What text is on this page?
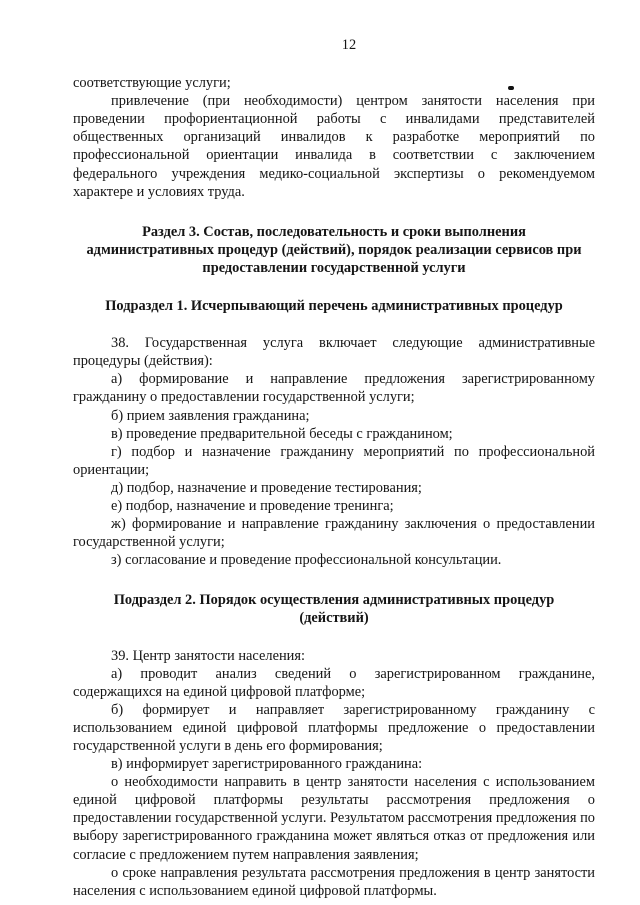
12

соответствующие услуги;

привлечение (при необходимости) центром занятости населения при проведении профориентационной работы с инвалидами представителей общественных организаций инвалидов к разработке мероприятий по профессиональной ориентации инвалида в соответствии с заключением федерального учреждения медико-социальной экспертизы о рекомендуемом характере и условиях труда.

Раздел 3. Состав, последовательность и сроки выполнения административных процедур (действий), порядок реализации сервисов при предоставлении государственной услуги

Подраздел 1. Исчерпывающий перечень административных процедур

38. Государственная услуга включает следующие административные процедуры (действия):

а) формирование и направление предложения зарегистрированному гражданину о предоставлении государственной услуги;

б) прием заявления гражданина;

в) проведение предварительной беседы с гражданином;

г) подбор и назначение гражданину мероприятий по профессиональной ориентации;

д) подбор, назначение и проведение тестирования;

е) подбор, назначение и проведение тренинга;

ж) формирование и направление гражданину заключения о предоставлении государственной услуги;

з) согласование и проведение профессиональной консультации.

Подраздел 2. Порядок осуществления административных процедур (действий)

39. Центр занятости населения:

а) проводит анализ сведений о зарегистрированном гражданине, содержащихся на единой цифровой платформе;

б) формирует и направляет зарегистрированному гражданину с использованием единой цифровой платформы предложение о предоставлении государственной услуги в день его формирования;

в) информирует зарегистрированного гражданина:

о необходимости направить в центр занятости населения с использованием единой цифровой платформы результаты рассмотрения предложения о предоставлении государственной услуги. Результатом рассмотрения предложения по выбору зарегистрированного гражданина может являться отказ от предложения или согласие с предложением путем направления заявления;

о сроке направления результата рассмотрения предложения в центр занятости населения с использованием единой цифровой платформы.
